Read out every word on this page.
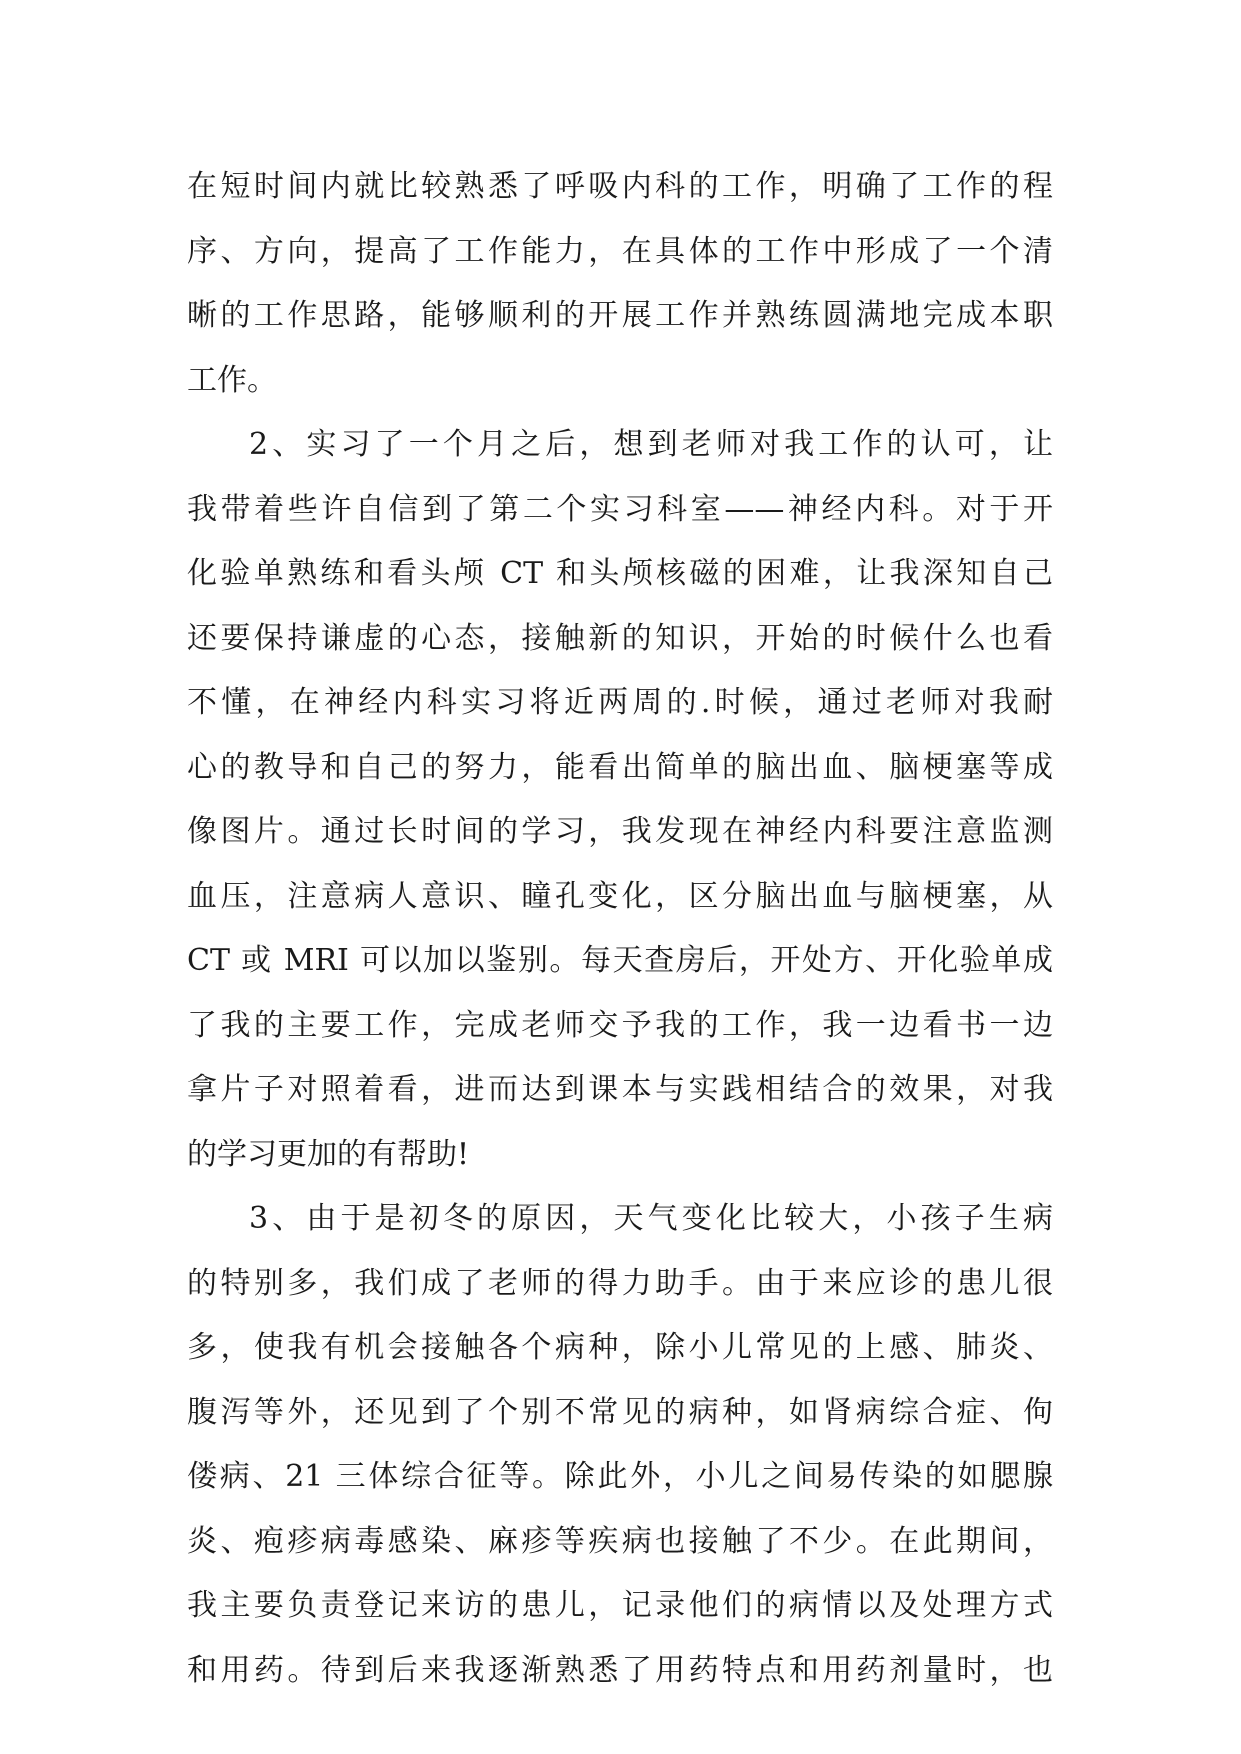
在短时间内就比较熟悉了呼吸内科的工作，明确了工作的程
序、方向，提高了工作能力，在具体的工作中形成了一个清
晰的工作思路，能够顺利的开展工作并熟练圆满地完成本职
工作。
2、实习了一个月之后，想到老师对我工作的认可，让
我带着些许自信到了第二个实习科室——神经内科。对于开
化验单熟练和看头颅 CT 和头颅核磁的困难，让我深知自己
还要保持谦虚的心态，接触新的知识，开始的时候什么也看
不懂，在神经内科实习将近两周的.时候，通过老师对我耐
心的教导和自己的努力，能看出简单的脑出血、脑梗塞等成
像图片。通过长时间的学习，我发现在神经内科要注意监测
血压，注意病人意识、瞳孔变化，区分脑出血与脑梗塞，从
CT 或 MRI 可以加以鉴别。每天查房后，开处方、开化验单成
了我的主要工作，完成老师交予我的工作，我一边看书一边
拿片子对照着看，进而达到课本与实践相结合的效果，对我
的学习更加的有帮助!
3、由于是初冬的原因，天气变化比较大，小孩子生病
的特别多，我们成了老师的得力助手。由于来应诊的患儿很
多，使我有机会接触各个病种，除小儿常见的上感、肺炎、
腹泻等外，还见到了个别不常见的病种，如肾病综合症、佝
偻病、21 三体综合征等。除此外，小儿之间易传染的如腮腺
炎、疱疹病毒感染、麻疹等疾病也接触了不少。在此期间，
我主要负责登记来访的患儿，记录他们的病情以及处理方式
和用药。待到后来我逐渐熟悉了用药特点和用药剂量时，也
